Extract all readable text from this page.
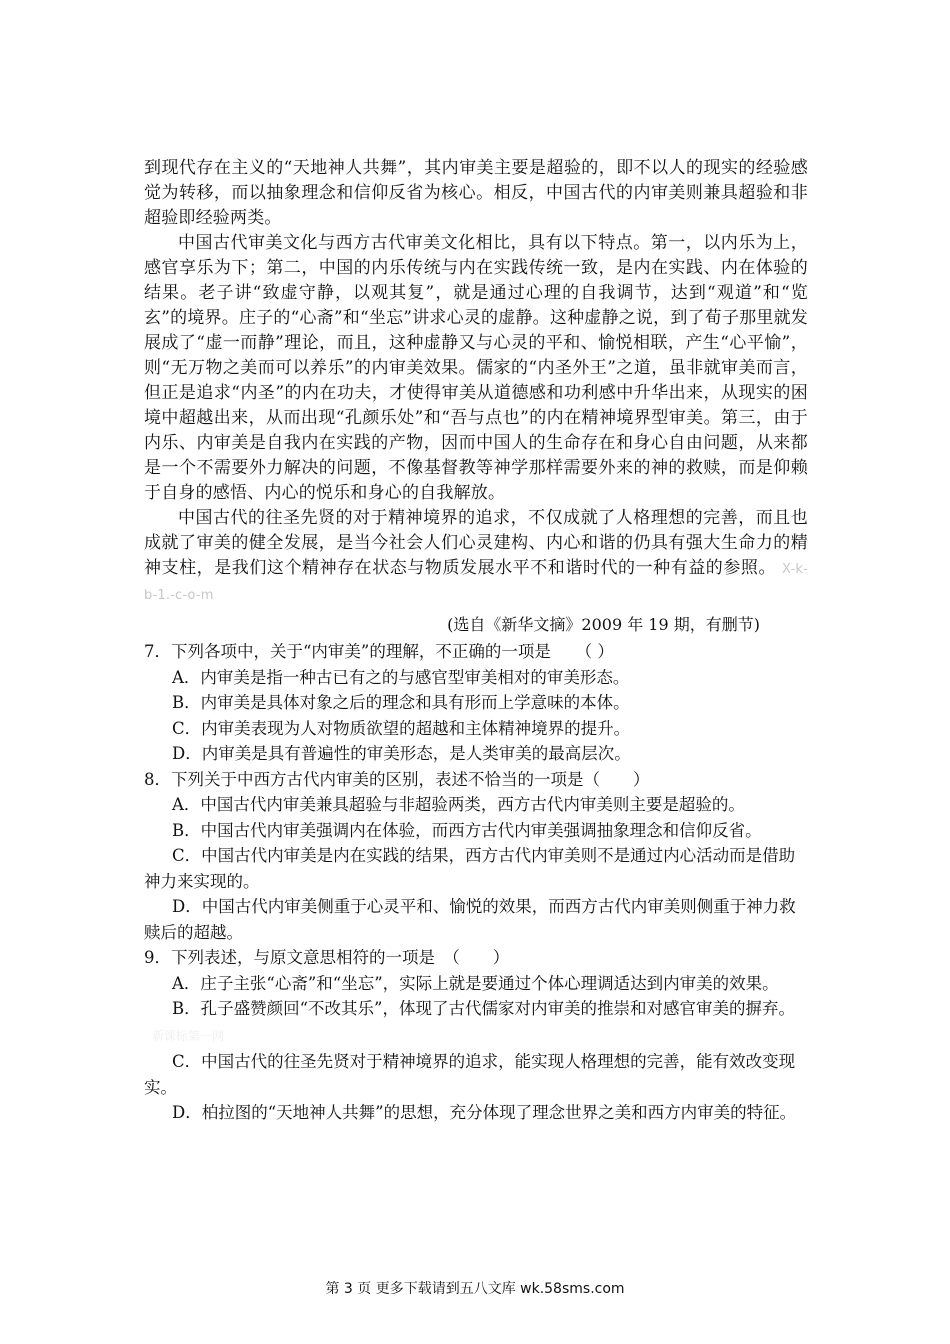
到现代存在主义的“天地神人共舞”，其内审美主要是超验的，即不以人的现实的经验感觉为转移，而以抽象理念和信仰反省为核心。相反，中国古代的内审美则兼具超验和非超验即经验两类。

中国古代审美文化与西方古代审美文化相比，具有以下特点。第一，以内乐为上，感官享乐为下；第二，中国的内乐传统与内在实践传统一致，是内在实践、内在体验的结果。老子讲“致虚守静，以观其复”，就是通过心理的自我调节，达到“观道”和“览玄”的境界。庄子的“心斋”和“坐忘”讲求心灵的虚静。这种虚静之说，到了荀子那里就发展成了“虚一而静”理论，而且，这种虚静又与心灵的平和、愉悦相联，产生“心平愉”，则“无万物之美而可以养乐”的内审美效果。儒家的“内圣外王”之道，虽非就审美而言，但正是追求“内圣”的内在功夫，才使得审美从道德感和功利感中升华出来，从现实的困境中超越出来，从而出现“孔颜乐处”和“吾与点也”的内在精神境界型审美。第三，由于内乐、内审美是自我内在实践的产物，因而中国人的生命存在和身心自由问题，从来都是一个不需要外力解决的问题，不像基督教等神学那样需要外来的神的救赎，而是仰赖于自身的感悟、内心的悦乐和身心的自我解放。

中国古代的往圣先贤的对于精神境界的追求，不仅成就了人格理想的完善，而且也成就了审美的健全发展，是当今社会人们心灵建构、内心和谐的仍具有强大生命力的精神支柱，是我们这个精神存在状态与物质发展水平不和谐时代的一种有益的参照。 X-k-b-1.-c-o-m

(选自《新华文摘》2009 年 19 期，有删节)

7．下列各项中，关于“内审美”的理解，不正确的一项是　　（ ）

A．内审美是指一种古已有之的与感官型审美相对的审美形态。

B．内审美是具体对象之后的理念和具有形而上学意味的本体。

C．内审美表现为人对物质欲望的超越和主体精神境界的提升。

D．内审美是具有普遍性的审美形态，是人类审美的最高层次。

8．下列关于中西方古代内审美的区别，表述不恰当的一项是（　　）

A．中国古代内审美兼具超验与非超验两类，西方古代内审美则主要是超验的。

B．中国古代内审美强调内在体验，而西方古代内审美强调抽象理念和信仰反省。

C．中国古代内审美是内在实践的结果，西方古代内审美则不是通过内心活动而是借助神力来实现的。

D．中国古代内审美侧重于心灵平和、愉悦的效果，而西方古代内审美则侧重于神力救赎后的超越。

9．下列表述，与原文意思相符的一项是　（　　）

A．庄子主张“心斋”和“坐忘”，实际上就是要通过个体心理调适达到内审美的效果。

B．孔子盛赞颜回“不改其乐”，体现了古代儒家对内审美的推崇和对感官审美的摒弃。新课标第一网

C．中国古代的往圣先贤对于精神境界的追求，能实现人格理想的完善，能有效改变现实。

D．柏拉图的“天地神人共舞”的思想，充分体现了理念世界之美和西方内审美的特征。

第 3 页 更多下载请到五八文库 wk.58sms.com
